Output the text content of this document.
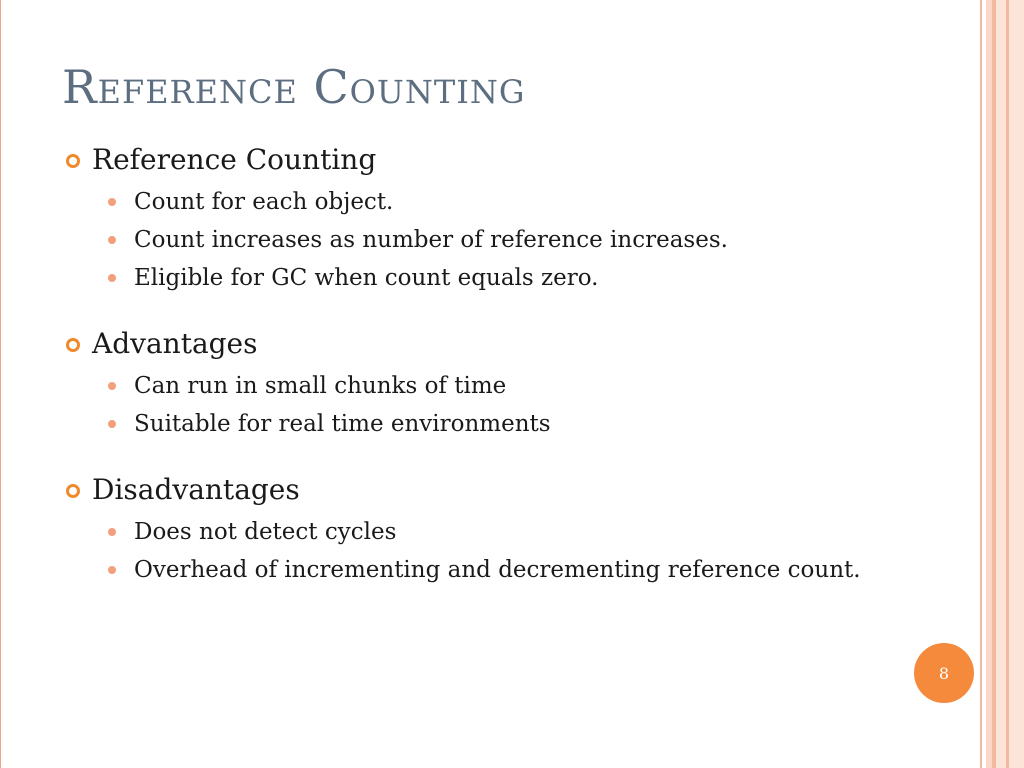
Reference Counting

Reference Counting

Count for each object.
Count increases as number of reference increases.
Eligible for GC when count equals zero.

Advantages

Can run in small chunks of time
Suitable for real time environments

Disadvantages

Does not detect cycles
Overhead of incrementing and decrementing reference count.
8
